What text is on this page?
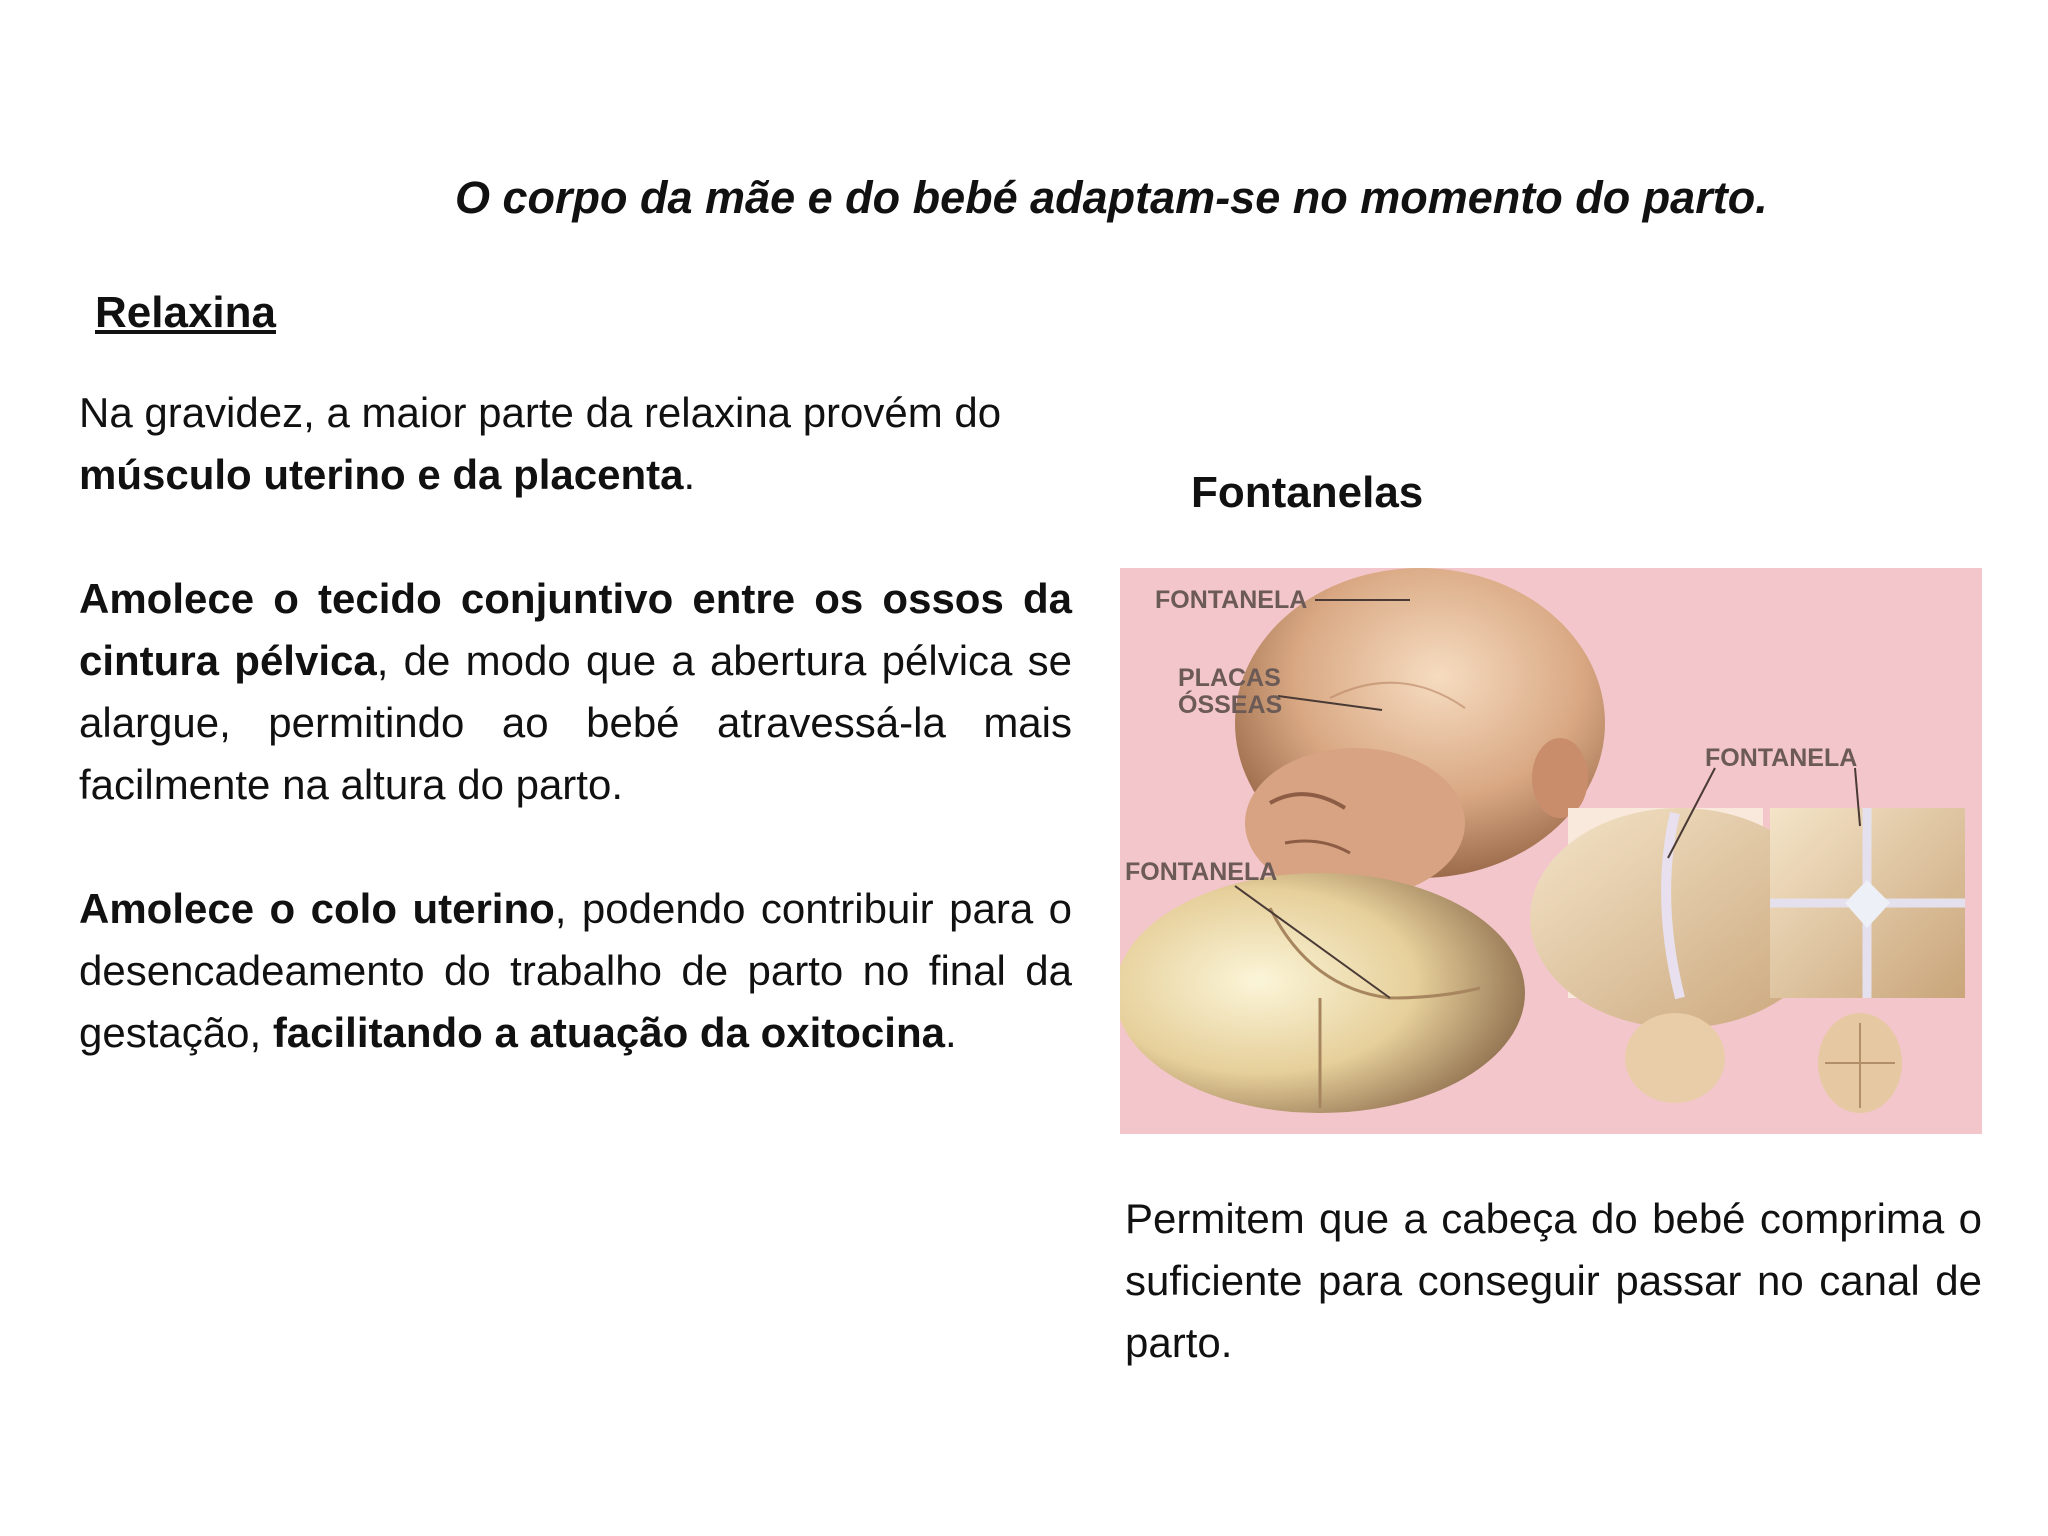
O corpo da mãe e do bebé adaptam-se no momento do parto.
Relaxina

Na gravidez, a maior parte da relaxina provém do músculo uterino e da placenta.

Amolece o tecido conjuntivo entre os ossos da cintura pélvica, de modo que a abertura pélvica se alargue, permitindo ao bebé atravessá-la mais facilmente na altura do parto.

Amolece o colo uterino, podendo contribuir para o desencadeamento do trabalho de parto no final da gestação, facilitando a atuação da oxitocina.

Fontanelas
FONTANELA
PLACAS
ÓSSEAS
FONTANELA
FONTANELA

Permitem que a cabeça do bebé comprima o suficiente para conseguir passar no canal de parto.
